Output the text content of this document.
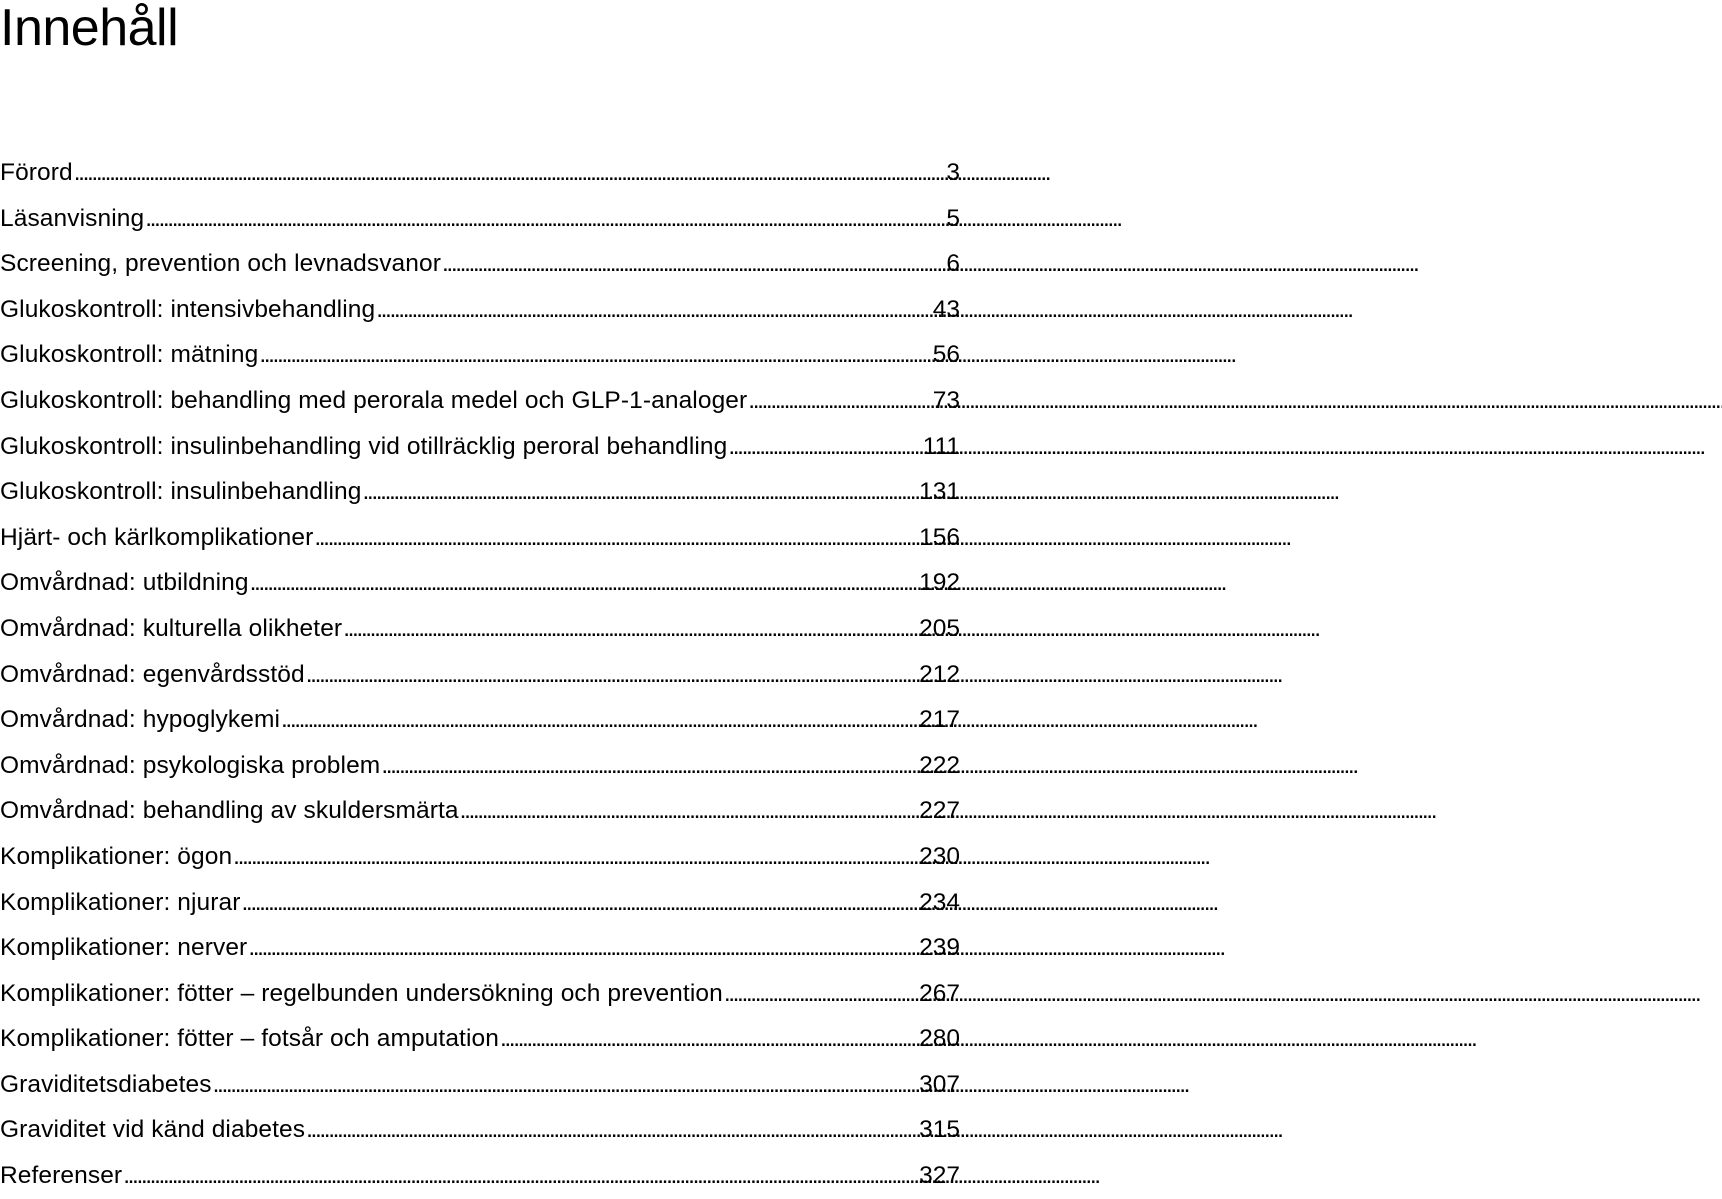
Innehåll
Förord . . .	3
Läsanvisning . . .	5
Screening, prevention och levnadsvanor . . .	6
Glukoskontroll: intensivbehandling . . .	43
Glukoskontroll: mätning . . .	56
Glukoskontroll: behandling med perorala medel och GLP-1-analoger . . .	73
Glukoskontroll: insulinbehandling vid otillräcklig peroral behandling . . .	111
Glukoskontroll: insulinbehandling . . .	131
Hjärt- och kärlkomplikationer . . .	156
Omvårdnad: utbildning . . .	192
Omvårdnad: kulturella olikheter . . .	205
Omvårdnad: egenvårdsstöd . . .	212
Omvårdnad: hypoglykemi . . .	217
Omvårdnad: psykologiska problem . . .	222
Omvårdnad: behandling av skuldersmärta . . .	227
Komplikationer: ögon . . .	230
Komplikationer: njurar . . .	234
Komplikationer: nerver . . .	239
Komplikationer: fötter – regelbunden undersökning och prevention . . .	267
Komplikationer: fötter – fotsår och amputation . . .	280
Graviditetsdiabetes . . .	307
Graviditet vid känd diabetes . . .	315
Referenser . . .	327
